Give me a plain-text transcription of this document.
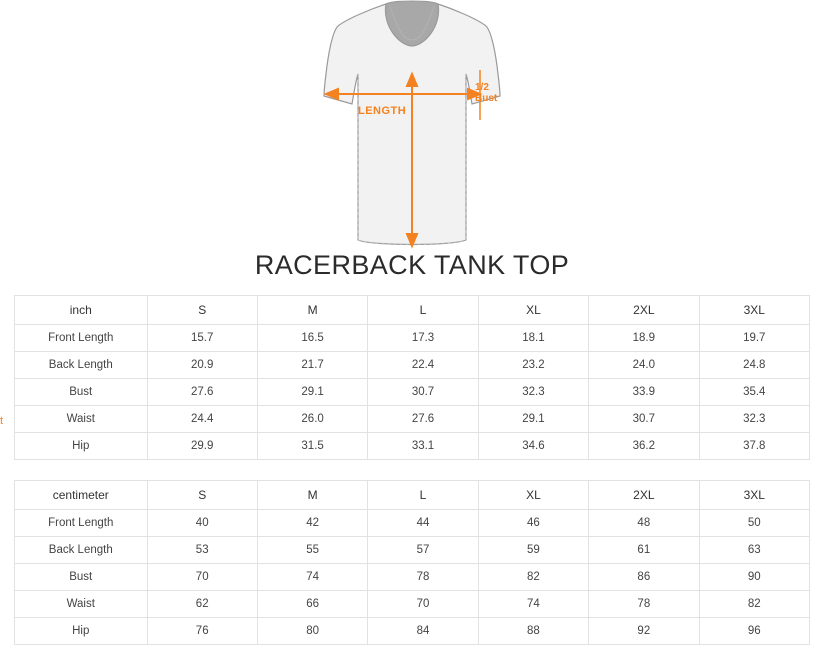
LENGTH
1/2
Bust
RACERBACK TANK TOP
inch	S	M	L	XL	2XL	3XL
Front Length	15.7	16.5	17.3	18.1	18.9	19.7
Back Length	20.9	21.7	22.4	23.2	24.0	24.8
Bust	27.6	29.1	30.7	32.3	33.9	35.4
Waist	24.4	26.0	27.6	29.1	30.7	32.3
Hip	29.9	31.5	33.1	34.6	36.2	37.8
centimeter	S	M	L	XL	2XL	3XL
Front Length	40	42	44	46	48	50
Back Length	53	55	57	59	61	63
Bust	70	74	78	82	86	90
Waist	62	66	70	74	78	82
Hip	76	80	84	88	92	96
t
